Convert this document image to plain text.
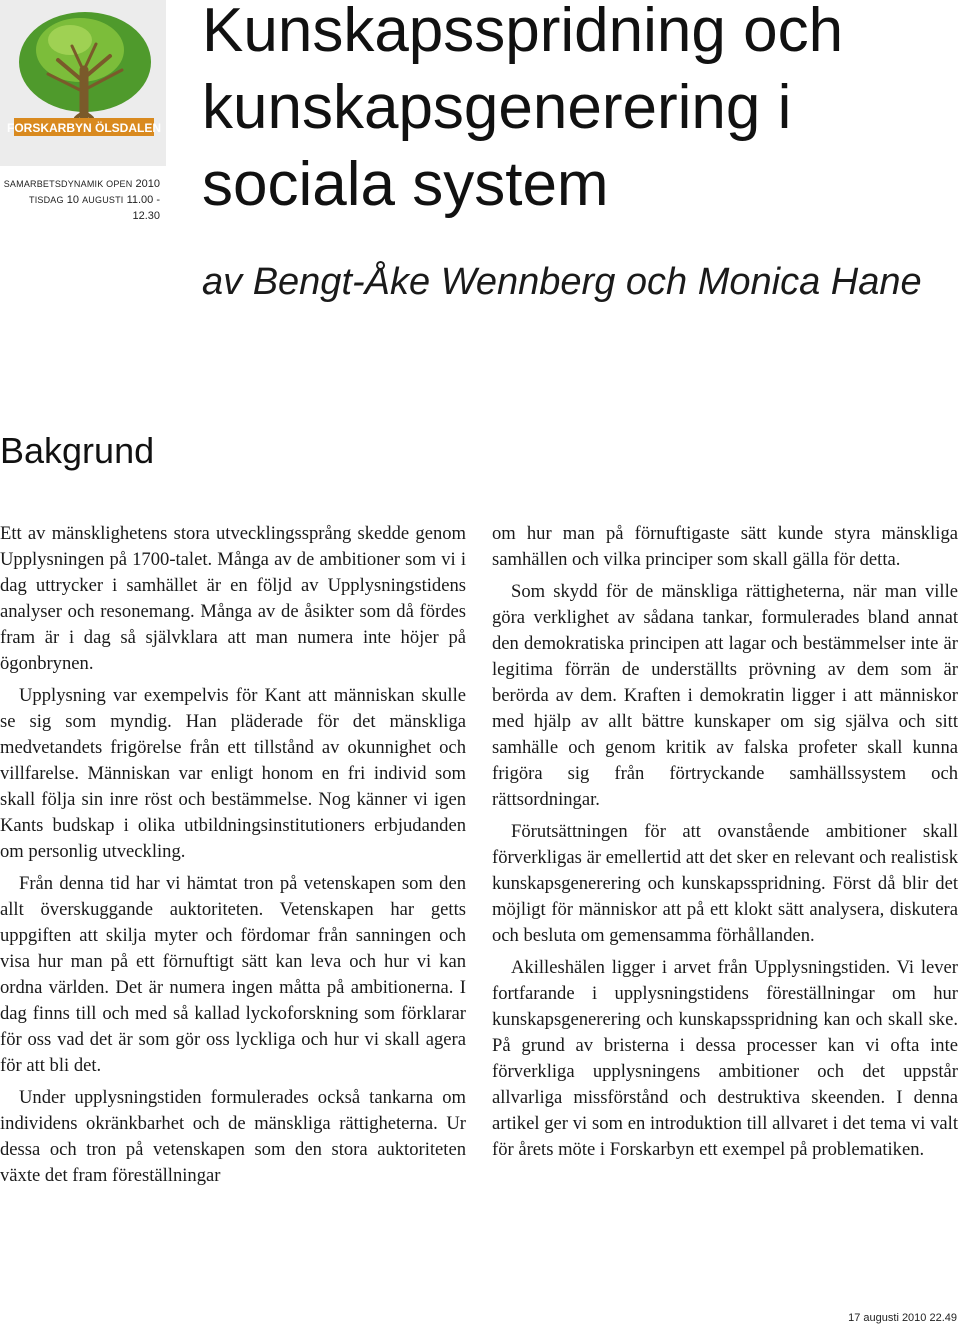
FORSKARBYN ÖLSDALEN
SAMARBETSDYNAMIK OPEN 2010
TISDAG 10 AUGUSTI 11.00 - 12.30
Kunskapsspridning och kunskapsgenerering i sociala system
av Bengt-Åke Wennberg och Monica Hane
Bakgrund

Ett av mänsklighetens stora utvecklingssprång skedde genom Upplysningen på 1700-talet. Många av de ambitioner som vi i dag uttrycker i samhället är en följd av Upplysningstidens analyser och resonemang. Många av de åsikter som då fördes fram är i dag så självklara att man numera inte höjer på ögonbrynen.

Upplysning var exempelvis för Kant att människan skulle se sig som myndig. Han pläderade för det mänskliga medvetandets frigörelse från ett tillstånd av okunnighet och villfarelse. Människan var enligt honom en fri individ som skall följa sin inre röst och bestämmelse. Nog känner vi igen Kants budskap i olika utbildningsinstitutioners erbjudanden om personlig utveckling.

Från denna tid har vi hämtat tron på vetenskapen som den allt överskuggande auktoriteten. Vetenskapen har getts uppgiften att skilja myter och fördomar från sanningen och visa hur man på ett förnuftigt sätt kan leva och hur vi kan ordna världen. Det är numera ingen måtta på ambitionerna. I dag finns till och med så kallad lyckoforskning som förklarar för oss vad det är som gör oss lyckliga och hur vi skall agera för att bli det.

Under upplysningstiden formulerades också tankarna om individens okränkbarhet och de mänskliga rättigheterna. Ur dessa och tron på vetenskapen som den stora auktoriteten växte det fram föreställningar

om hur man på förnuftigaste sätt kunde styra mänskliga samhällen och vilka principer som skall gälla för detta.

Som skydd för de mänskliga rättigheterna, när man ville göra verklighet av sådana tankar, formulerades bland annat den demokratiska principen att lagar och bestämmelser inte är legitima förrän de underställts prövning av dem som är berörda av dem. Kraften i demokratin ligger i att människor med hjälp av allt bättre kunskaper om sig själva och sitt samhälle och genom kritik av falska profeter skall kunna frigöra sig från förtryckande samhällssystem och rättsordningar.

Förutsättningen för att ovanstående ambitioner skall förverkligas är emellertid att det sker en relevant och realistisk kunskapsgenerering och kunskapsspridning. Först då blir det möjligt för människor att på ett klokt sätt analysera, diskutera och besluta om gemensamma förhållanden.

Akilleshälen ligger i arvet från Upplysningstiden. Vi lever fortfarande i upplysningstidens föreställningar om hur kunskapsgenerering och kunskapsspridning kan och skall ske. På grund av bristerna i dessa processer kan vi ofta inte förverkliga upplysningens ambitioner och det uppstår allvarliga missförstånd och destruktiva skeenden. I denna artikel ger vi som en introduktion till allvaret i det tema vi valt för årets möte i Forskarbyn ett exempel på problematiken.

17 augusti 2010 22.49
